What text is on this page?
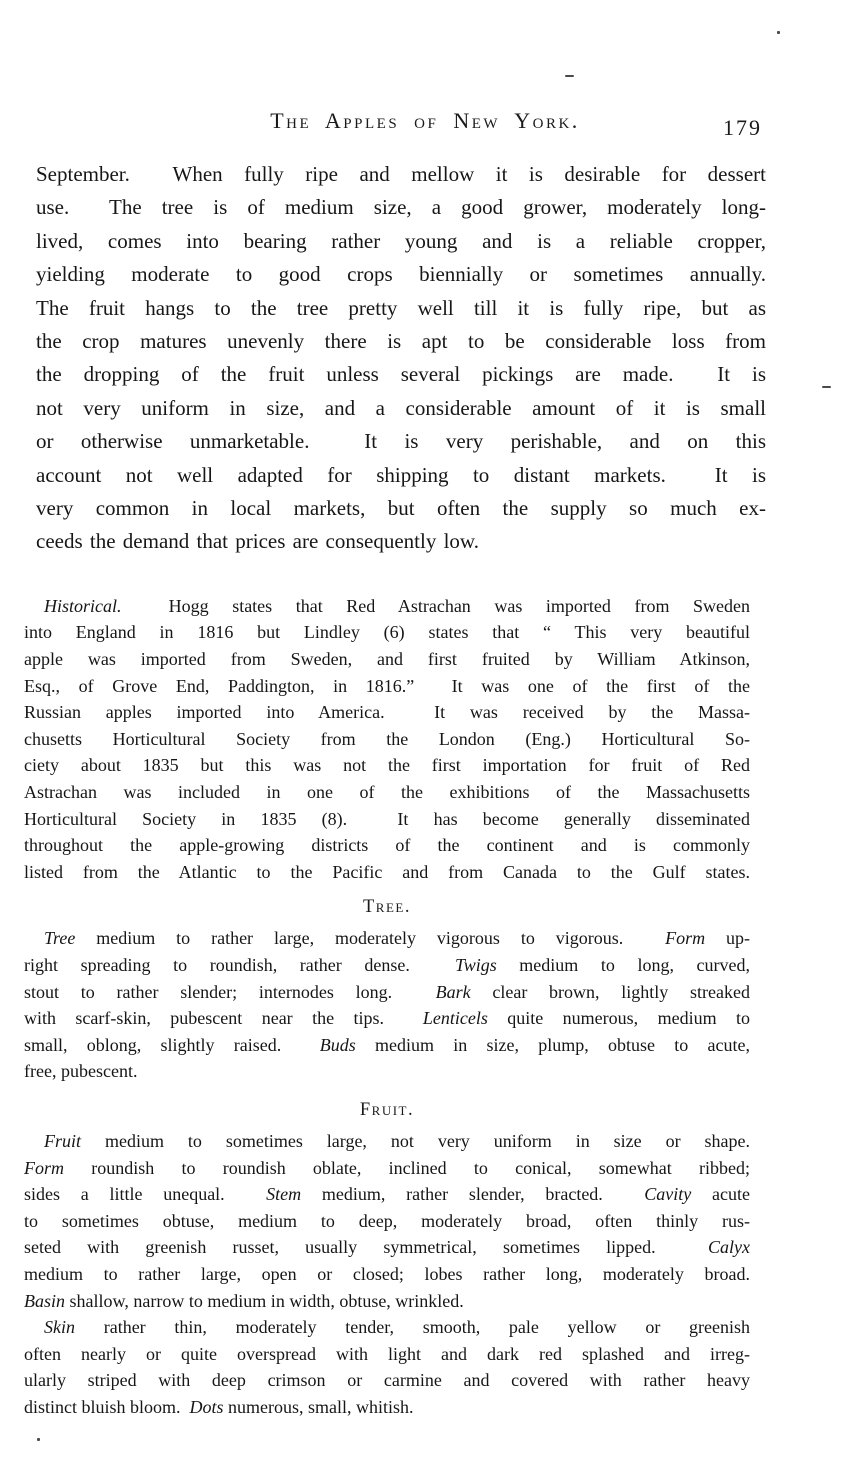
The Apples of New York.	179
September.  When fully ripe and mellow it is desirable for dessert
use.  The tree is of medium size, a good grower, moderately long-
lived, comes into bearing rather young and is a reliable cropper,
yielding moderate to good crops biennially or sometimes annually.
The fruit hangs to the tree pretty well till it is fully ripe, but as
the crop matures unevenly there is apt to be considerable loss from
the dropping of the fruit unless several pickings are made.  It is
not very uniform in size, and a considerable amount of it is small
or otherwise unmarketable.  It is very perishable, and on this
account not well adapted for shipping to distant markets.  It is
very common in local markets, but often the supply so much ex-
ceeds the demand that prices are consequently low.
Historical.  Hogg states that Red Astrachan was imported from Sweden
into England in 1816 but Lindley (6) states that “ This very beautiful
apple was imported from Sweden, and first fruited by William Atkinson,
Esq., of Grove End, Paddington, in 1816.”  It was one of the first of the
Russian apples imported into America.  It was received by the Massa-
chusetts Horticultural Society from the London (Eng.) Horticultural So-
ciety about 1835 but this was not the first importation for fruit of Red
Astrachan was included in one of the exhibitions of the Massachusetts
Horticultural Society in 1835 (8).  It has become generally disseminated
throughout the apple-growing districts of the continent and is commonly
listed from the Atlantic to the Pacific and from Canada to the Gulf states.
Tree.
Tree medium to rather large, moderately vigorous to vigorous.  Form up-
right spreading to roundish, rather dense.  Twigs medium to long, curved,
stout to rather slender; internodes long.  Bark clear brown, lightly streaked
with scarf-skin, pubescent near the tips.  Lenticels quite numerous, medium to
small, oblong, slightly raised.  Buds medium in size, plump, obtuse to acute,
free, pubescent.
Fruit.
Fruit medium to sometimes large, not very uniform in size or shape.
Form roundish to roundish oblate, inclined to conical, somewhat ribbed;
sides a little unequal.  Stem medium, rather slender, bracted.  Cavity acute
to sometimes obtuse, medium to deep, moderately broad, often thinly rus-
seted with greenish russet, usually symmetrical, sometimes lipped.  Calyx
medium to rather large, open or closed; lobes rather long, moderately broad.
Basin shallow, narrow to medium in width, obtuse, wrinkled.
Skin rather thin, moderately tender, smooth, pale yellow or greenish
often nearly or quite overspread with light and dark red splashed and irreg-
ularly striped with deep crimson or carmine and covered with rather heavy
distinct bluish bloom.  Dots numerous, small, whitish.
